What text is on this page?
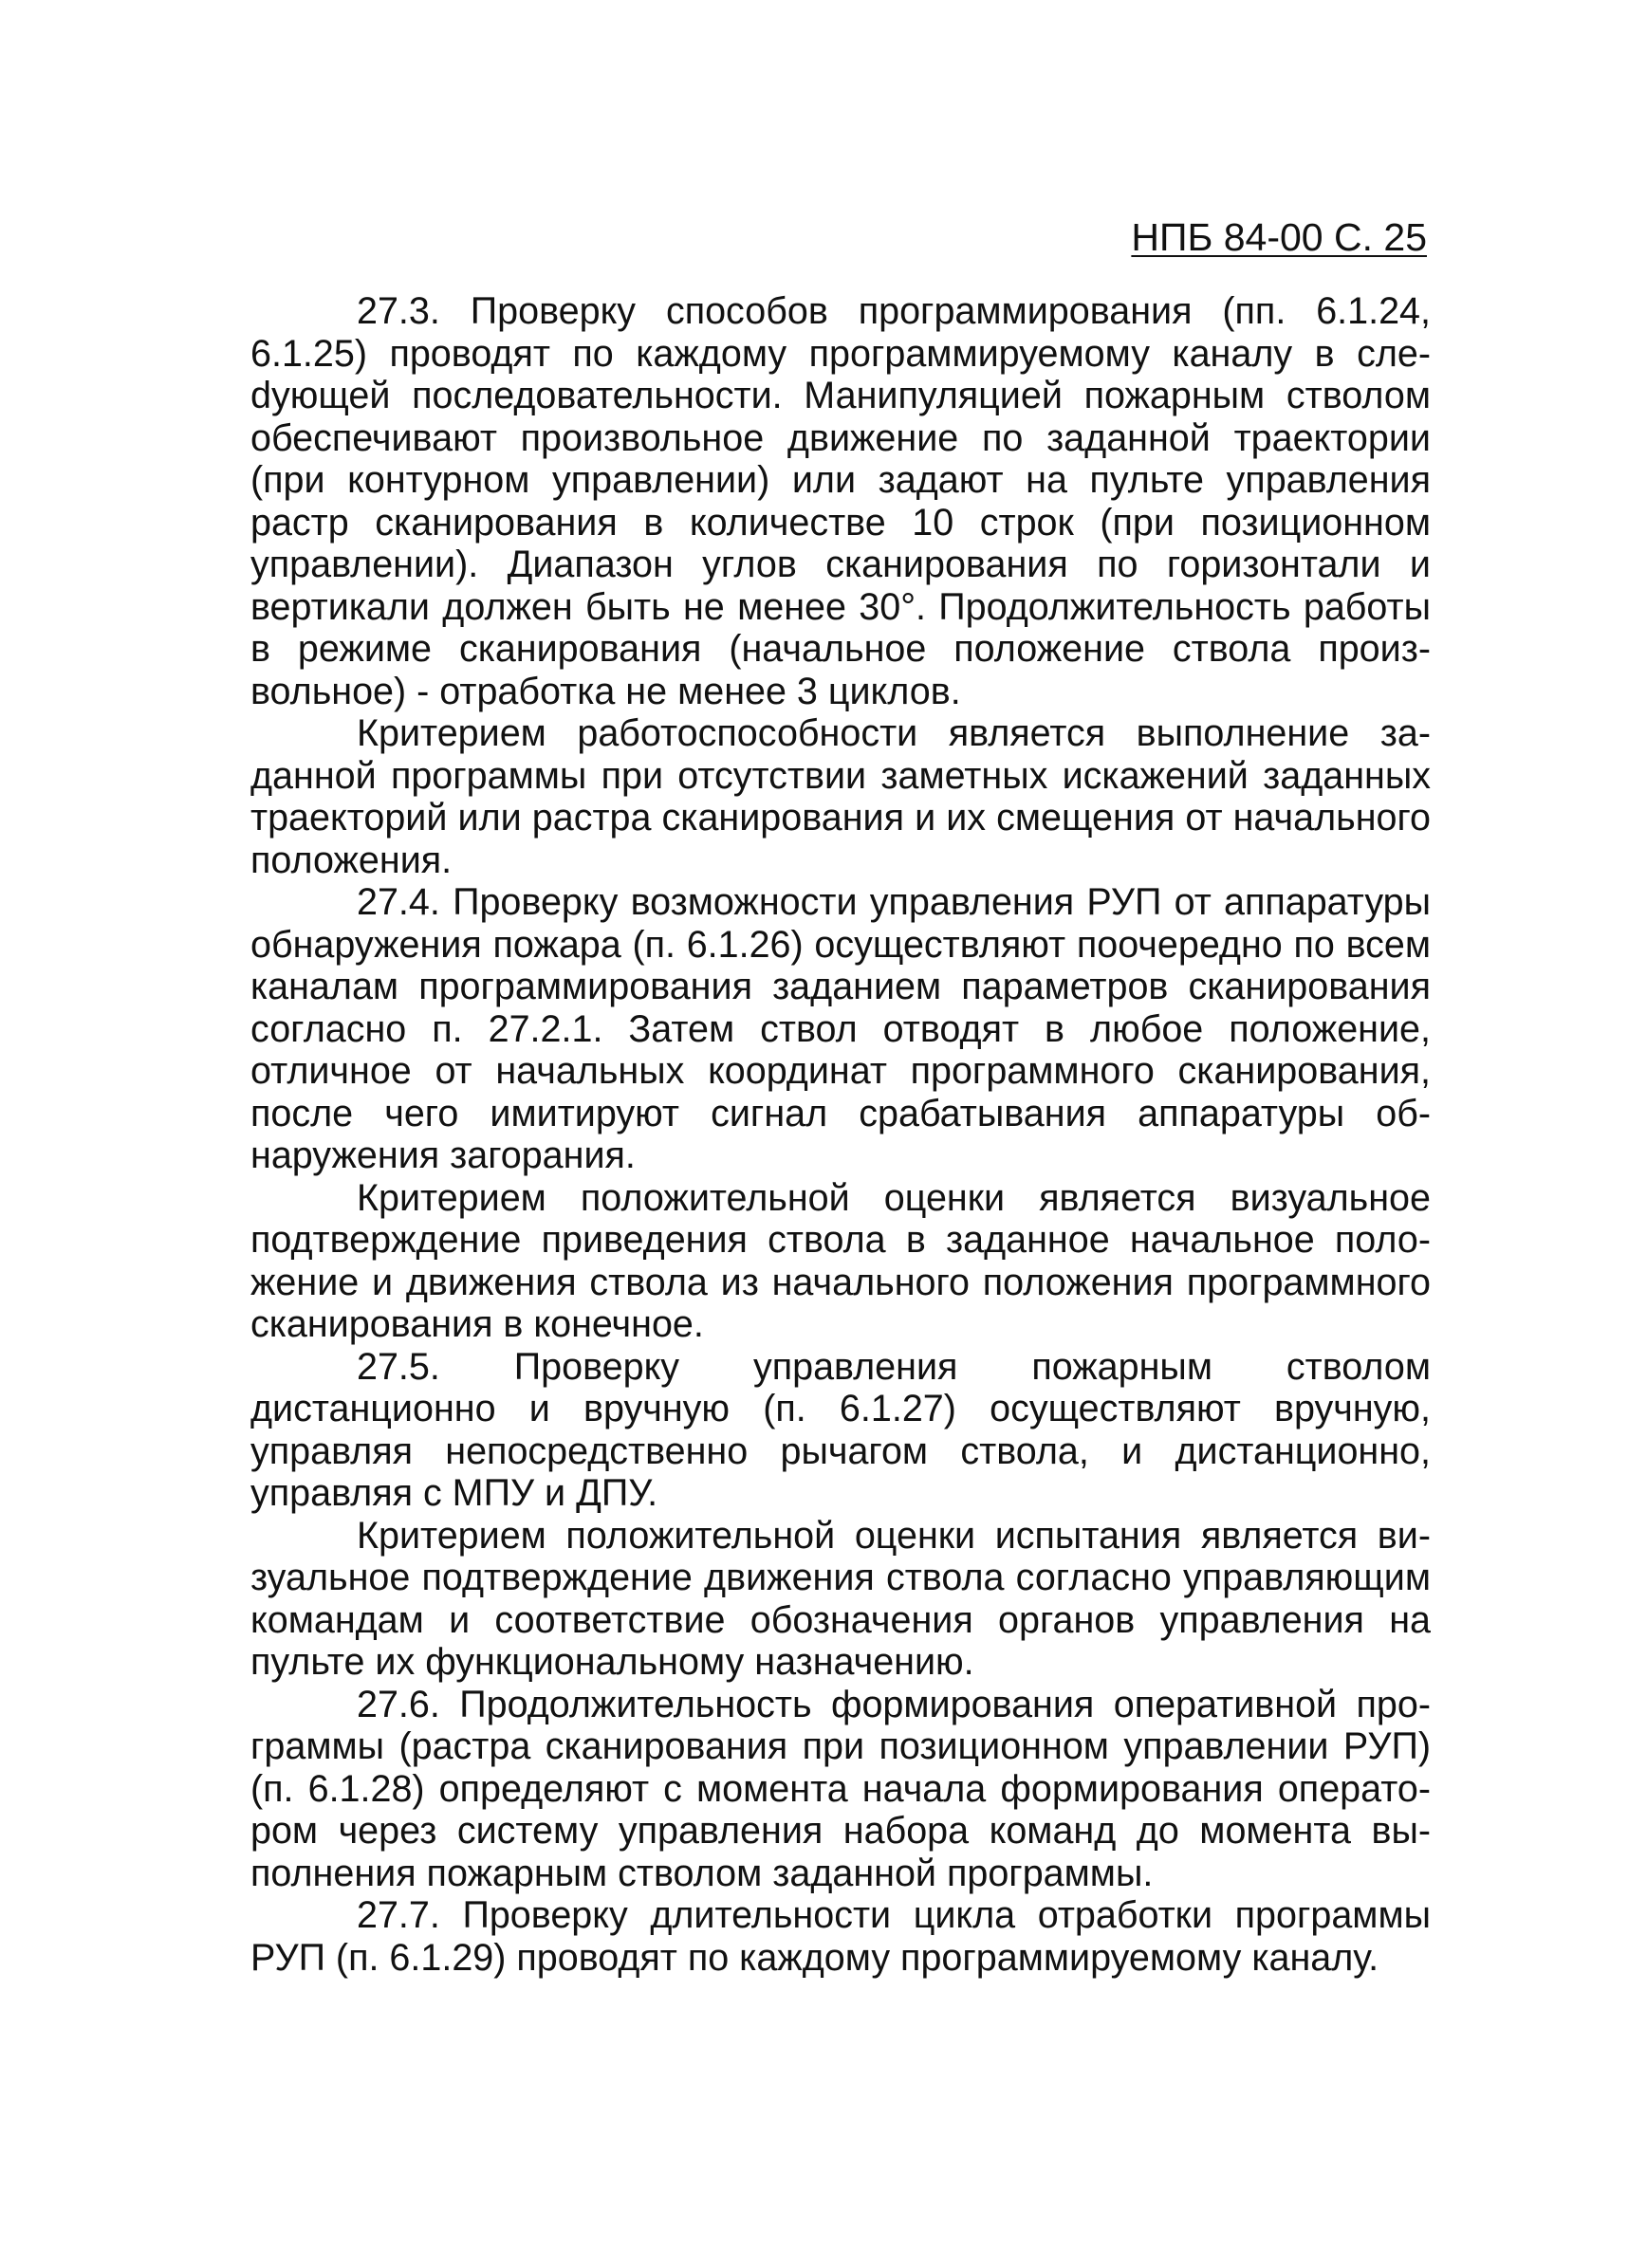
НПБ 84-00 С. 25

27.3. Проверку способов программирования (пп. 6.1.24, 6.1.25) проводят по каждому программируемому каналу в слеdующей последовательности. Манипуляцией пожарным стволом обеспечивают произвольное движение по заданной траектории (при контурном управлении) или задают на пульте управления растр сканирования в количестве 10 строк (при позиционном управлении). Диапазон углов сканирования по горизонтали и вертикали должен быть не менее 30°. Продолжительность работы в режиме сканирования (начальное положение ствола произвольное) - отработка не менее 3 циклов.

Критерием работоспособности является выполнение заданной программы при отсутствии заметных искажений заданных траекторий или растра сканирования и их смещения от начального положения.

27.4. Проверку возможности управления РУП от аппаратуры обнаружения пожара (п. 6.1.26) осуществляют поочередно по всем каналам программирования заданием параметров сканирования согласно п. 27.2.1. Затем ствол отводят в любое положение, отличное от начальных координат программного сканирования, после чего имитируют сигнал срабатывания аппаратуры обнаружения загорания.

Критерием положительной оценки является визуальное подтверждение приведения ствола в заданное начальное положение и движения ствола из начального положения программного сканирования в конечное.

27.5. Проверку управления пожарным стволом дистанционно и вручную (п. 6.1.27) осуществляют вручную, управляя непосредственно рычагом ствола, и дистанционно, управляя с МПУ и ДПУ.

Критерием положительной оценки испытания является визуальное подтверждение движения ствола согласно управляющим командам и соответствие обозначения органов управления на пульте их функциональному назначению.

27.6. Продолжительность формирования оперативной программы (растра сканирования при позиционном управлении РУП) (п. 6.1.28) определяют с момента начала формирования оператором через систему управления набора команд до момента выполнения пожарным стволом заданной программы.

27.7. Проверку длительности цикла отработки программы РУП (п. 6.1.29) проводят по каждому программируемому каналу.
